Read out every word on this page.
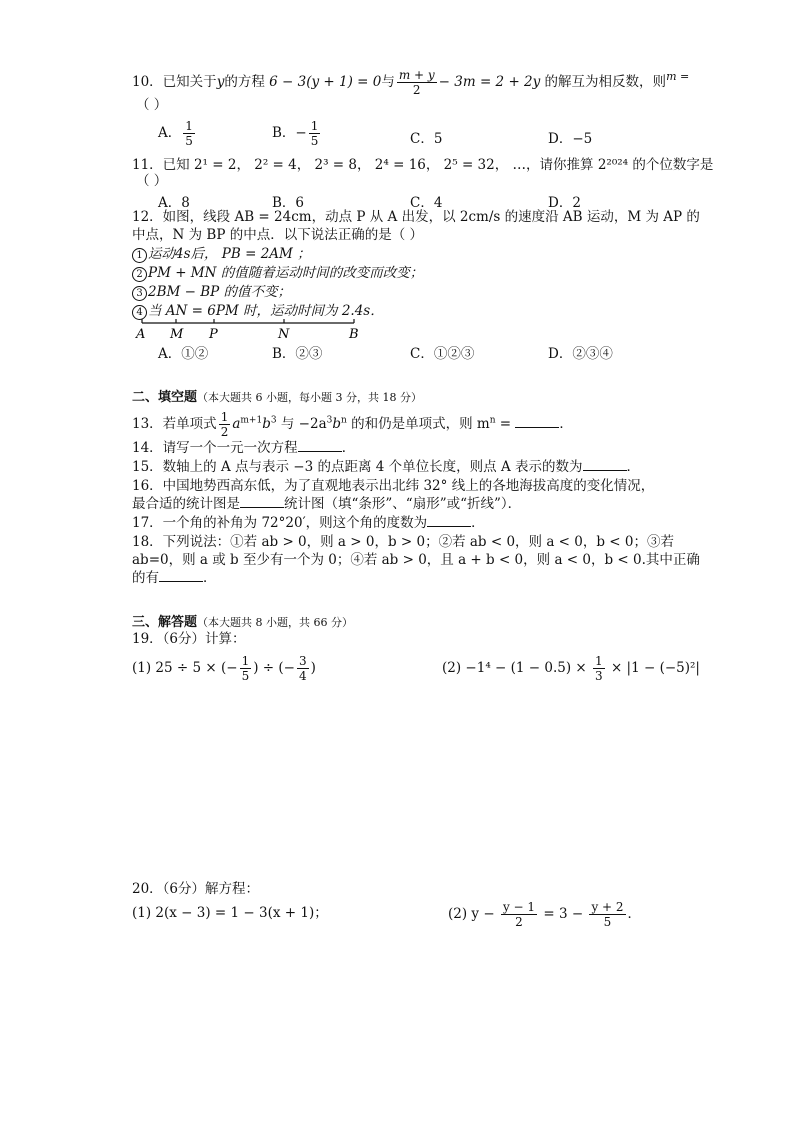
10．已知关于y的方程 6 − 3(y + 1) = 0与 $\frac{m + y}{2} - 3m = 2 + 2y$ 的解互为相反数，则$^{m =}$
（ ）
A． $\frac{1}{5}$	B．− $\frac{1}{5}$	C．5	D．−5
11．已知 2¹ = 2， 2² = 4， 2³ = 8， 2⁴ = 16， 2⁵ = 32， …，请你推算 2²⁰²⁴ 的个位数字是
（ ）
A．8	B．6	C．4	D．2
12．如图，线段 AB = 24cm，动点 P 从 A 出发，以 2cm/s 的速度沿 AB 运动，M 为 AP 的
中点，N 为 BP 的中点．以下说法正确的是（ ）
1 运动4s后， PB = 2AM ；
2 PM + MN 的值随着运动时间的改变而改变；
3 2BM − BP 的值不变；
4 当 AN = 6PM 时，运动时间为 2.4s．
A M P	N	B
A．①②	B．②③	C．①②③	D．②③④
二、填空题（本大题共 6 小题，每小题 3 分，共 18 分）
13．若单项式 $\frac{1}{2} a^{m+1}b^3$ 与 $-2a^3b^n$ 的和仍是单项式，则 $m^n$ =	．
14．请写一个一元一次方程	．
15．数轴上的 A 点与表示 −3 的点距离 4 个单位长度，则点 A 表示的数为	．
16．中国地势西高东低，为了直观地表示出北纬 32° 线上的各地海拔高度的变化情况，
最合适的统计图是	统计图（填“条形”、“扇形”或“折线”）．
17．一个角的补角为 72°20′，则这个角的度数为	．
18．下列说法：①若 ab > 0，则 a > 0，b > 0；②若 ab < 0，则 a < 0，b < 0；③若
ab=0，则 a 或 b 至少有一个为 0；④若 ab > 0，且 a + b < 0，则 a < 0，b < 0.其中正确
的有	．
三、解答题（本大题共 8 小题，共 66 分）
19．（6分）计算：
(1) 25 ÷ 5 × (− $\frac{1}{5}$ ) ÷ (− $\frac{3}{4}$ )	$(2) -1^4 - (1 - 0.5) \times \frac{1}{3} \times |1 - (-5)^2|$
20．（6分）解方程：
(1) 2(x − 3) = 1 − 3(x + 1)；	(2) $y - \frac{y - 1}{2} = 3 - \frac{y + 2}{5}$ ．
